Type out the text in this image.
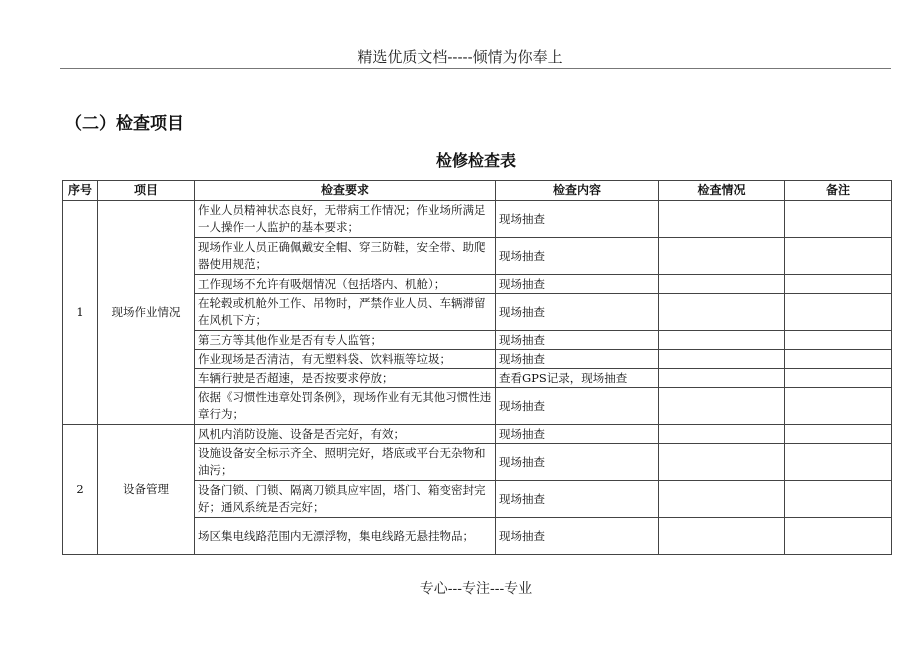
精选优质文档-----倾情为你奉上
（二）检查项目
检修检查表
序号	项目	检查要求	检查内容	检查情况	备注
1	现场作业情况	作业人员精神状态良好，无带病工作情况；作业场所满足一人操作一人监护的基本要求；	现场抽查		
		现场作业人员正确佩戴安全帽、穿三防鞋，安全带、助爬器使用规范；	现场抽查		
		工作现场不允许有吸烟情况（包括塔内、机舱）；	现场抽查		
		在轮毂或机舱外工作、吊物时，严禁作业人员、车辆滞留在风机下方；	现场抽查		
		第三方等其他作业是否有专人监管；	现场抽查		
		作业现场是否清洁，有无塑料袋、饮料瓶等垃圾；	现场抽查		
		车辆行驶是否超速，是否按要求停放；	查看GPS记录，现场抽查		
		依据《习惯性违章处罚条例》，现场作业有无其他习惯性违章行为；	现场抽查		
2	设备管理	风机内消防设施、设备是否完好，有效；	现场抽查		
		设施设备安全标示齐全、照明完好，塔底或平台无杂物和油污；	现场抽查		
		设备门锁、门锁、隔离刀锁具应牢固，塔门、箱变密封完好；通风系统是否完好；	现场抽查		
		场区集电线路范围内无漂浮物，集电线路无悬挂物品；	现场抽查		
专心---专注---专业
